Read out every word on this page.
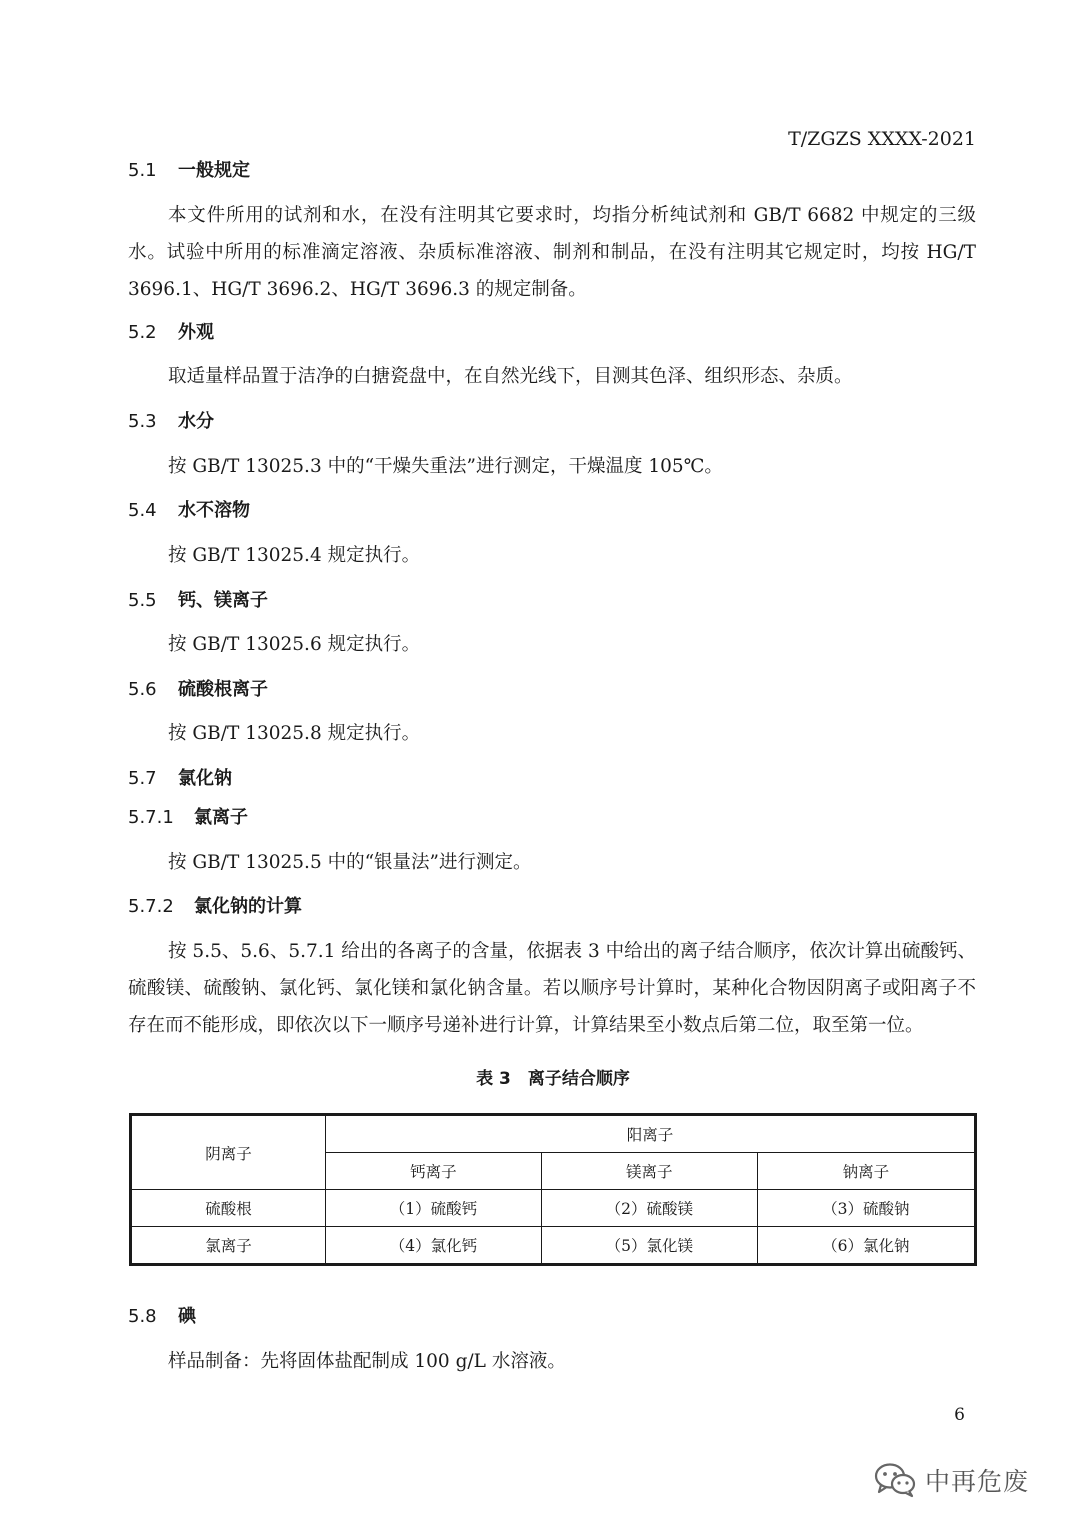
T/ZGZS XXXX-2021
5.1 一般规定
本文件所用的试剂和水，在没有注明其它要求时，均指分析纯试剂和 GB/T 6682 中规定的三级水。试验中所用的标准滴定溶液、杂质标准溶液、制剂和制品，在没有注明其它规定时，均按 HG/T 3696.1、HG/T 3696.2、HG/T 3696.3 的规定制备。
5.2 外观
取适量样品置于洁净的白搪瓷盘中，在自然光线下，目测其色泽、组织形态、杂质。
5.3 水分
按 GB/T 13025.3 中的“干燥失重法”进行测定，干燥温度 105℃。
5.4 水不溶物
按 GB/T 13025.4 规定执行。
5.5 钙、镁离子
按 GB/T 13025.6 规定执行。
5.6 硫酸根离子
按 GB/T 13025.8 规定执行。
5.7 氯化钠
5.7.1 氯离子
按 GB/T 13025.5 中的“银量法”进行测定。
5.7.2 氯化钠的计算
按 5.5、5.6、5.7.1 给出的各离子的含量，依据表 3 中给出的离子结合顺序，依次计算出硫酸钙、硫酸镁、硫酸钠、氯化钙、氯化镁和氯化钠含量。若以顺序号计算时，某种化合物因阴离子或阳离子不存在而不能形成，即依次以下一顺序号递补进行计算，计算结果至小数点后第二位，取至第一位。
表 3　离子结合顺序
阴离子	阳离子		
	钙离子	镁离子	钠离子
硫酸根	（1）硫酸钙	（2）硫酸镁	（3）硫酸钠
氯离子	（4）氯化钙	（5）氯化镁	（6）氯化钠
5.8 碘
样品制备：先将固体盐配制成 100 g/L 水溶液。
6
中再危废
